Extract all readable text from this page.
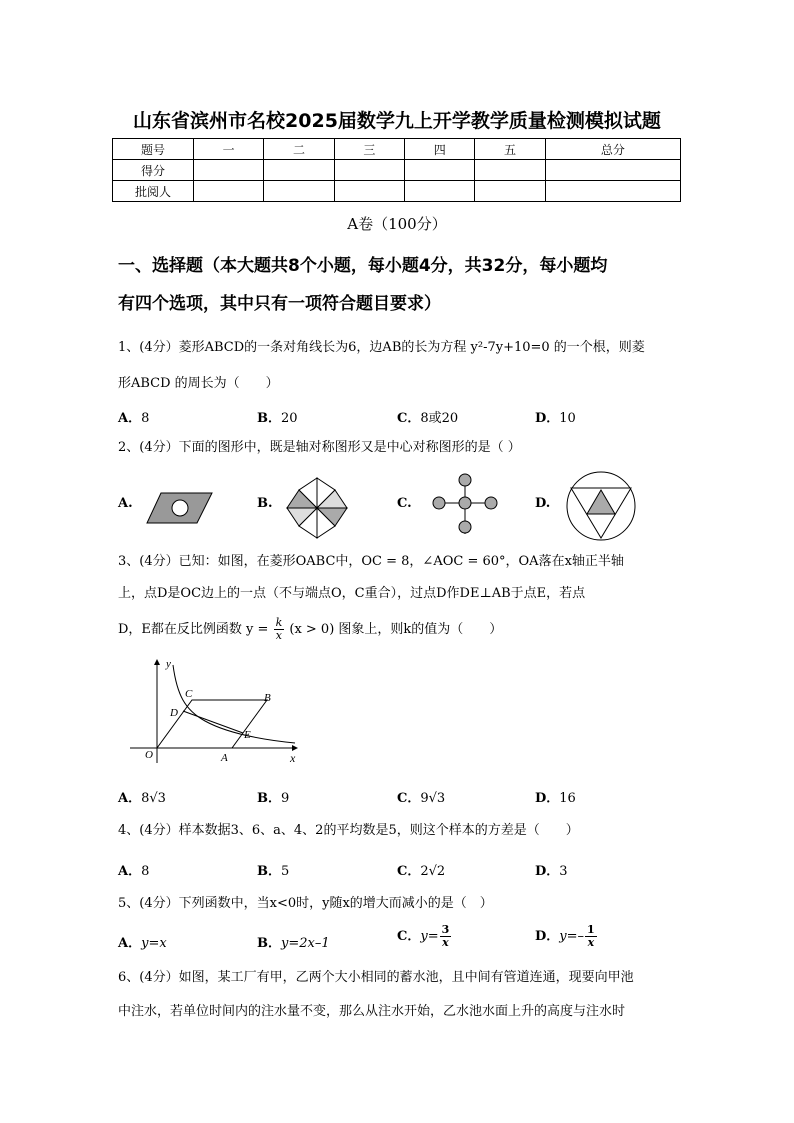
山东省滨州市名校2025届数学九上开学教学质量检测模拟试题
题号	一	二	三	四	五	总分
得分						
批阅人						
A卷（100分）
一、选择题（本大题共8个小题，每小题4分，共32分，每小题均
有四个选项，其中只有一项符合题目要求）
1、(4分）菱形ABCD的一条对角线长为6，边AB的长为方程 y²-7y+10=0 的一个根，则菱
形ABCD 的周长为（　　）
A．8	B．20	C．8或20	D．10
2、(4分）下面的图形中，既是轴对称图形又是中心对称图形的是（ ）
A.	B.	C.	D.
3、(4分）已知：如图，在菱形OABC中，OC = 8，∠AOC = 60°，OA落在x轴正半轴
上，点D是OC边上的一点（不与端点O，C重合），过点D作DE⊥AB于点E，若点
D，E都在反比例函数 $y = \frac{k}{x} (x > 0)$ 图象上，则k的值为（　　）
y
x
O	A
B
C
D
E
A．8√3	B．9	C．9√3	D．16
4、(4分）样本数据3、6、a、4、2的平均数是5，则这个样本的方差是（　　）
A．8	B．5	C．2√2	D．3
5、(4分）下列函数中，当x<0时，y随x的增大而减小的是（　）
A．y=x	B．y=2x–1	C．$y= \frac{3}{x}$	D．$y=- \frac{1}{x}$
6、(4分）如图，某工厂有甲，乙两个大小相同的蓄水池，且中间有管道连通，现要向甲池
中注水，若单位时间内的注水量不变，那么从注水开始，乙水池水面上升的高度与注水时
